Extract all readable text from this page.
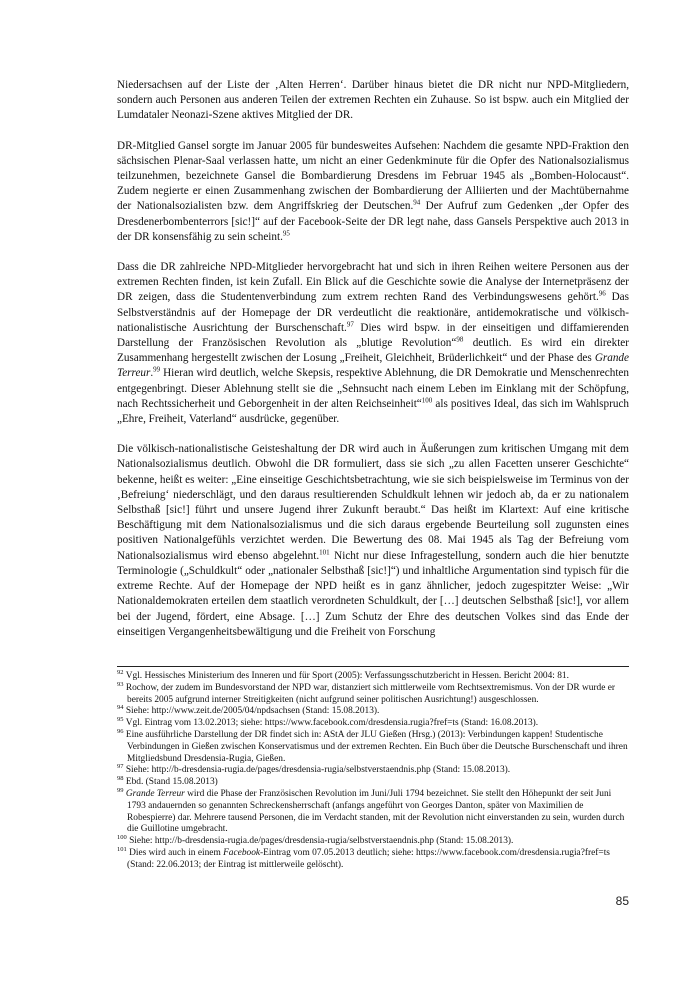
Niedersachsen auf der Liste der ‚Alten Herren‘. Darüber hinaus bietet die DR nicht nur NPD-Mitgliedern, sondern auch Personen aus anderen Teilen der extremen Rechten ein Zuhause. So ist bspw. auch ein Mitglied der Lumdataler Neonazi-Szene aktives Mitglied der DR.

DR-Mitglied Gansel sorgte im Januar 2005 für bundesweites Aufsehen: Nachdem die gesamte NPD-Fraktion den sächsischen Plenar-Saal verlassen hatte, um nicht an einer Gedenkminute für die Opfer des Nationalsozialismus teilzunehmen, bezeichnete Gansel die Bombardierung Dresdens im Februar 1945 als „Bomben-Holocaust“. Zudem negierte er einen Zusammenhang zwischen der Bombardierung der Alliierten und der Machtübernahme der Nationalsozialisten bzw. dem Angriffskrieg der Deutschen.$^{94}$ Der Aufruf zum Gedenken „der Opfer des Dresdenerbombenterrors [sic!]“ auf der Facebook-Seite der DR legt nahe, dass Gansels Perspektive auch 2013 in der DR konsensfähig zu sein scheint.$^{95}$

Dass die DR zahlreiche NPD-Mitglieder hervorgebracht hat und sich in ihren Reihen weitere Personen aus der extremen Rechten finden, ist kein Zufall. Ein Blick auf die Geschichte sowie die Analyse der Internetpräsenz der DR zeigen, dass die Studentenverbindung zum extrem rechten Rand des Verbindungswesens gehört.$^{96}$ Das Selbstverständnis auf der Homepage der DR verdeutlicht die reaktionäre, antidemokratische und völkisch-nationalistische Ausrichtung der Burschenschaft.$^{97}$ Dies wird bspw. in der einseitigen und diffamierenden Darstellung der Französischen Revolution als „blutige Revolution“$^{98}$ deutlich. Es wird ein direkter Zusammenhang hergestellt zwischen der Losung „Freiheit, Gleichheit, Brüderlichkeit“ und der Phase des Grande Terreur.$^{99}$ Hieran wird deutlich, welche Skepsis, respektive Ablehnung, die DR Demokratie und Menschenrechten entgegenbringt. Dieser Ablehnung stellt sie die „Sehnsucht nach einem Leben im Einklang mit der Schöpfung, nach Rechtssicherheit und Geborgenheit in der alten Reichseinheit“$^{100}$ als positives Ideal, das sich im Wahlspruch „Ehre, Freiheit, Vaterland“ ausdrücke, gegenüber.

Die völkisch-nationalistische Geisteshaltung der DR wird auch in Äußerungen zum kritischen Umgang mit dem Nationalsozialismus deutlich. Obwohl die DR formuliert, dass sie sich „zu allen Facetten unserer Geschichte“ bekenne, heißt es weiter: „Eine einseitige Geschichtsbetrachtung, wie sie sich beispielsweise im Terminus von der ‚Befreiung‘ niederschlägt, und den daraus resultierenden Schuldkult lehnen wir jedoch ab, da er zu nationalem Selbsthaß [sic!] führt und unsere Jugend ihrer Zukunft beraubt.“ Das heißt im Klartext: Auf eine kritische Beschäftigung mit dem Nationalsozialismus und die sich daraus ergebende Beurteilung soll zugunsten eines positiven Nationalgefühls verzichtet werden. Die Bewertung des 08. Mai 1945 als Tag der Befreiung vom Nationalsozialismus wird ebenso abgelehnt.$^{101}$ Nicht nur diese Infragestellung, sondern auch die hier benutzte Terminologie („Schuldkult“ oder „nationaler Selbsthaß [sic!]“) und inhaltliche Argumentation sind typisch für die extreme Rechte. Auf der Homepage der NPD heißt es in ganz ähnlicher, jedoch zugespitzter Weise: „Wir Nationaldemokraten erteilen dem staatlich verordneten Schuldkult, der […] deutschen Selbsthaß [sic!], vor allem bei der Jugend, fördert, eine Absage. […] Zum Schutz der Ehre des deutschen Volkes sind das Ende der einseitigen Vergangenheitsbewältigung und die Freiheit von Forschung

$^{92}$ Vgl. Hessisches Ministerium des Inneren und für Sport (2005): Verfassungsschutzbericht in Hessen. Bericht 2004: 81.

$^{93}$ Rochow, der zudem im Bundesvorstand der NPD war, distanziert sich mittlerweile vom Rechtsextremismus. Von der DR wurde er bereits 2005 aufgrund interner Streitigkeiten (nicht aufgrund seiner politischen Ausrichtung!) ausgeschlossen.

$^{94}$ Siehe: http://www.zeit.de/2005/04/npdsachsen (Stand: 15.08.2013).

$^{95}$ Vgl. Eintrag vom 13.02.2013; siehe: https://www.facebook.com/dresdensia.rugia?fref=ts (Stand: 16.08.2013).

$^{96}$ Eine ausführliche Darstellung der DR findet sich in: AStA der JLU Gießen (Hrsg.) (2013): Verbindungen kappen! Studentische Verbindungen in Gießen zwischen Konservatismus und der extremen Rechten. Ein Buch über die Deutsche Burschenschaft und ihren Mitgliedsbund Dresdensia-Rugia, Gießen.

$^{97}$ Siehe: http://b-dresdensia-rugia.de/pages/dresdensia-rugia/selbstverstaendnis.php (Stand: 15.08.2013).

$^{98}$ Ebd. (Stand 15.08.2013)

$^{99}$ Grande Terreur wird die Phase der Französischen Revolution im Juni/Juli 1794 bezeichnet. Sie stellt den Höhepunkt der seit Juni 1793 andauernden so genannten Schreckensherrschaft (anfangs angeführt von Georges Danton, später von Maximilien de Robespierre) dar. Mehrere tausend Personen, die im Verdacht standen, mit der Revolution nicht einverstanden zu sein, wurden durch die Guillotine umgebracht.

$^{100}$ Siehe: http://b-dresdensia-rugia.de/pages/dresdensia-rugia/selbstverstaendnis.php (Stand: 15.08.2013).

$^{101}$ Dies wird auch in einem Facebook-Eintrag vom 07.05.2013 deutlich; siehe: https://www.facebook.com/dresdensia.rugia?fref=ts (Stand: 22.06.2013; der Eintrag ist mittlerweile gelöscht).

85
